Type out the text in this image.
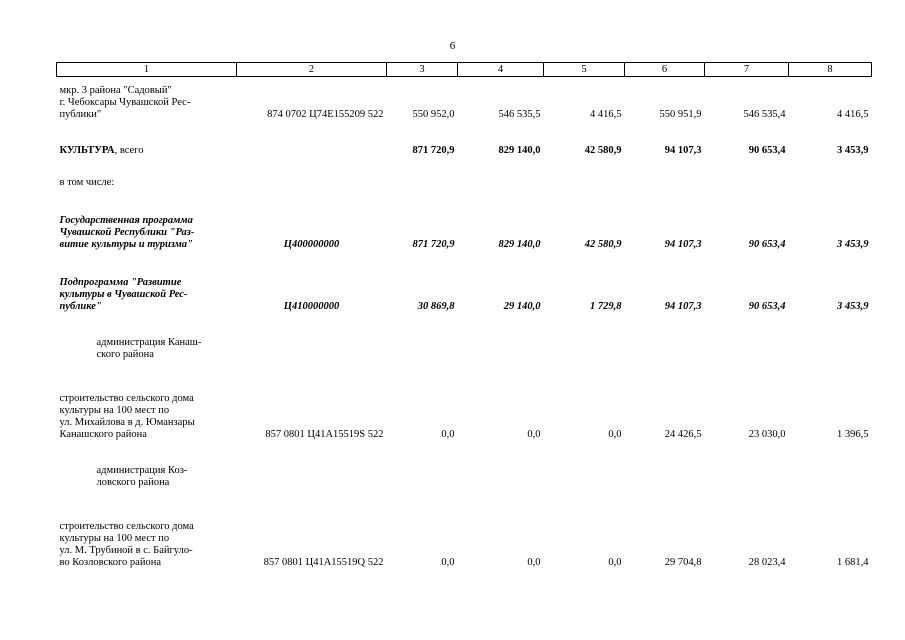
6
1	2	3	4	5	6	7	8
мкр. 3 района "Садовый"
г. Чебоксары Чувашской Рес-
публики"	874 0702 Ц74Е155209 522	550 952,0	546 535,5	4 416,5	550 951,9	546 535,4	4 416,5
КУЛЬТУРА, всего		871 720,9	829 140,0	42 580,9	94 107,3	90 653,4	3 453,9
в том числе:							
Государственная программа
Чувашской Республики "Раз-
витие культуры и туризма"	Ц400000000	871 720,9	829 140,0	42 580,9	94 107,3	90 653,4	3 453,9
Подпрограмма "Развитие
культуры в Чувашской Рес-
публике"	Ц410000000	30 869,8	29 140,0	1 729,8	94 107,3	90 653,4	3 453,9
администрация Канаш-

ского района							

строительство сельского дома
культуры на 100 мест по
ул. Михайлова в д. Юманзары
Канашского района	857 0801 Ц41А15519S 522	0,0	0,0	0,0	24 426,5	23 030,0	1 396,5
администрация Коз-

ловского района							

строительство сельского дома
культуры на 100 мест по
ул. М. Трубиной в с. Байгуло-
во Козловского района	857 0801 Ц41А15519Q 522	0,0	0,0	0,0	29 704,8	28 023,4	1 681,4
